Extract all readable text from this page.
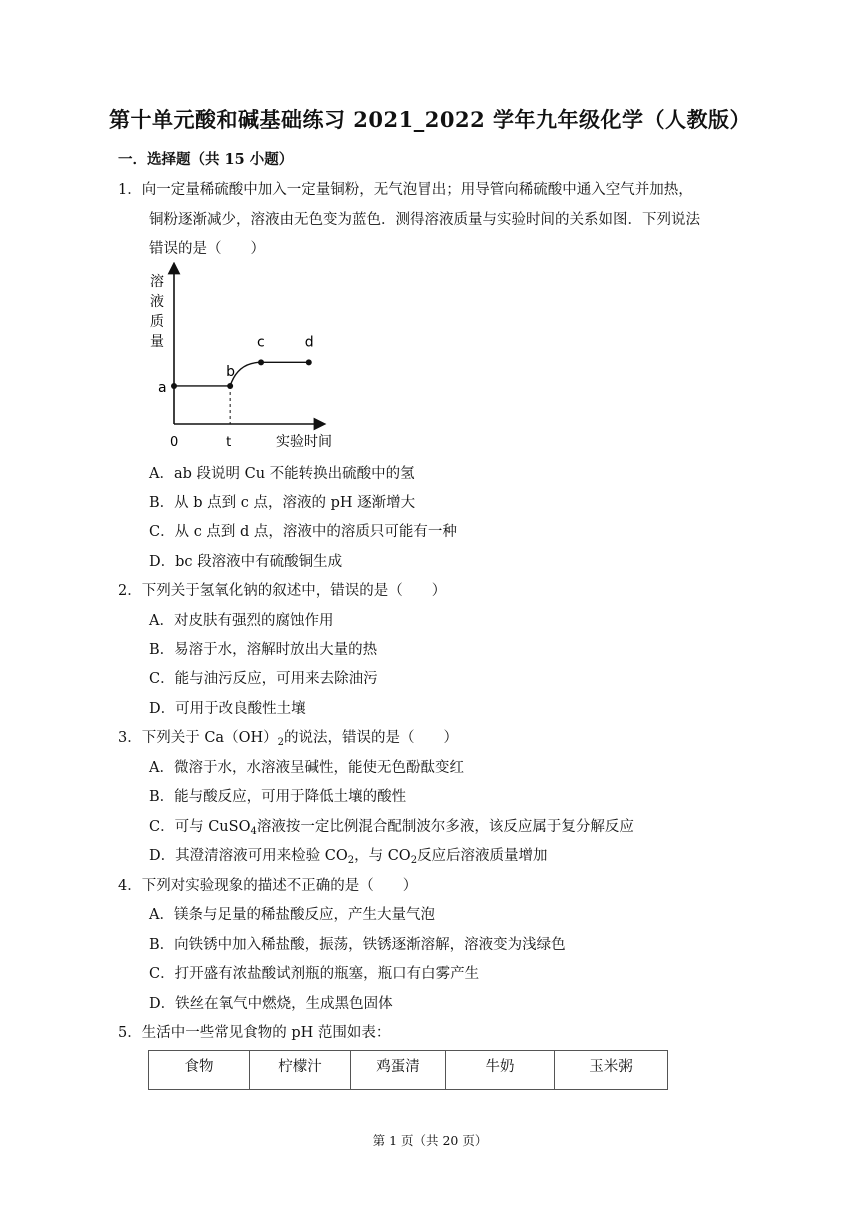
第十单元酸和碱基础练习 2021_2022 学年九年级化学（人教版）
一．选择题（共 15 小题）
1．向一定量稀硫酸中加入一定量铜粉，无气泡冒出；用导管向稀硫酸中通入空气并加热，
铜粉逐渐减少，溶液由无色变为蓝色．测得溶液质量与实验时间的关系如图．下列说法
错误的是（　　）
溶
液
质
量
实验时间
0	t
a
b
c	d
A．ab 段说明 Cu 不能转换出硫酸中的氢
B．从 b 点到 c 点，溶液的 pH 逐渐增大
C．从 c 点到 d 点，溶液中的溶质只可能有一种
D．bc 段溶液中有硫酸铜生成
2．下列关于氢氧化钠的叙述中，错误的是（　　）
A．对皮肤有强烈的腐蚀作用
B．易溶于水，溶解时放出大量的热
C．能与油污反应，可用来去除油污
D．可用于改良酸性土壤
3．下列关于 $Ca(OH)_2$的说法，错误的是（　　）
A．微溶于水，水溶液呈碱性，能使无色酚酞变红
B．能与酸反应，可用于降低土壤的酸性
C．可与 CuSO$_4$溶液按一定比例混合配制波尔多液，该反应属于复分解反应
D．其澄清溶液可用来检验 $CO_2$，与 $CO_2$反应后溶液质量增加
4．下列对实验现象的描述不正确的是（　　）
A．镁条与足量的稀盐酸反应，产生大量气泡
B．向铁锈中加入稀盐酸，振荡，铁锈逐渐溶解，溶液变为浅绿色
C．打开盛有浓盐酸试剂瓶的瓶塞，瓶口有白雾产生
D．铁丝在氧气中燃烧，生成黑色固体
5．生活中一些常见食物的 pH 范围如表：
食物	柠檬汁	鸡蛋清	牛奶	玉米粥
第 1 页（共 20 页）
